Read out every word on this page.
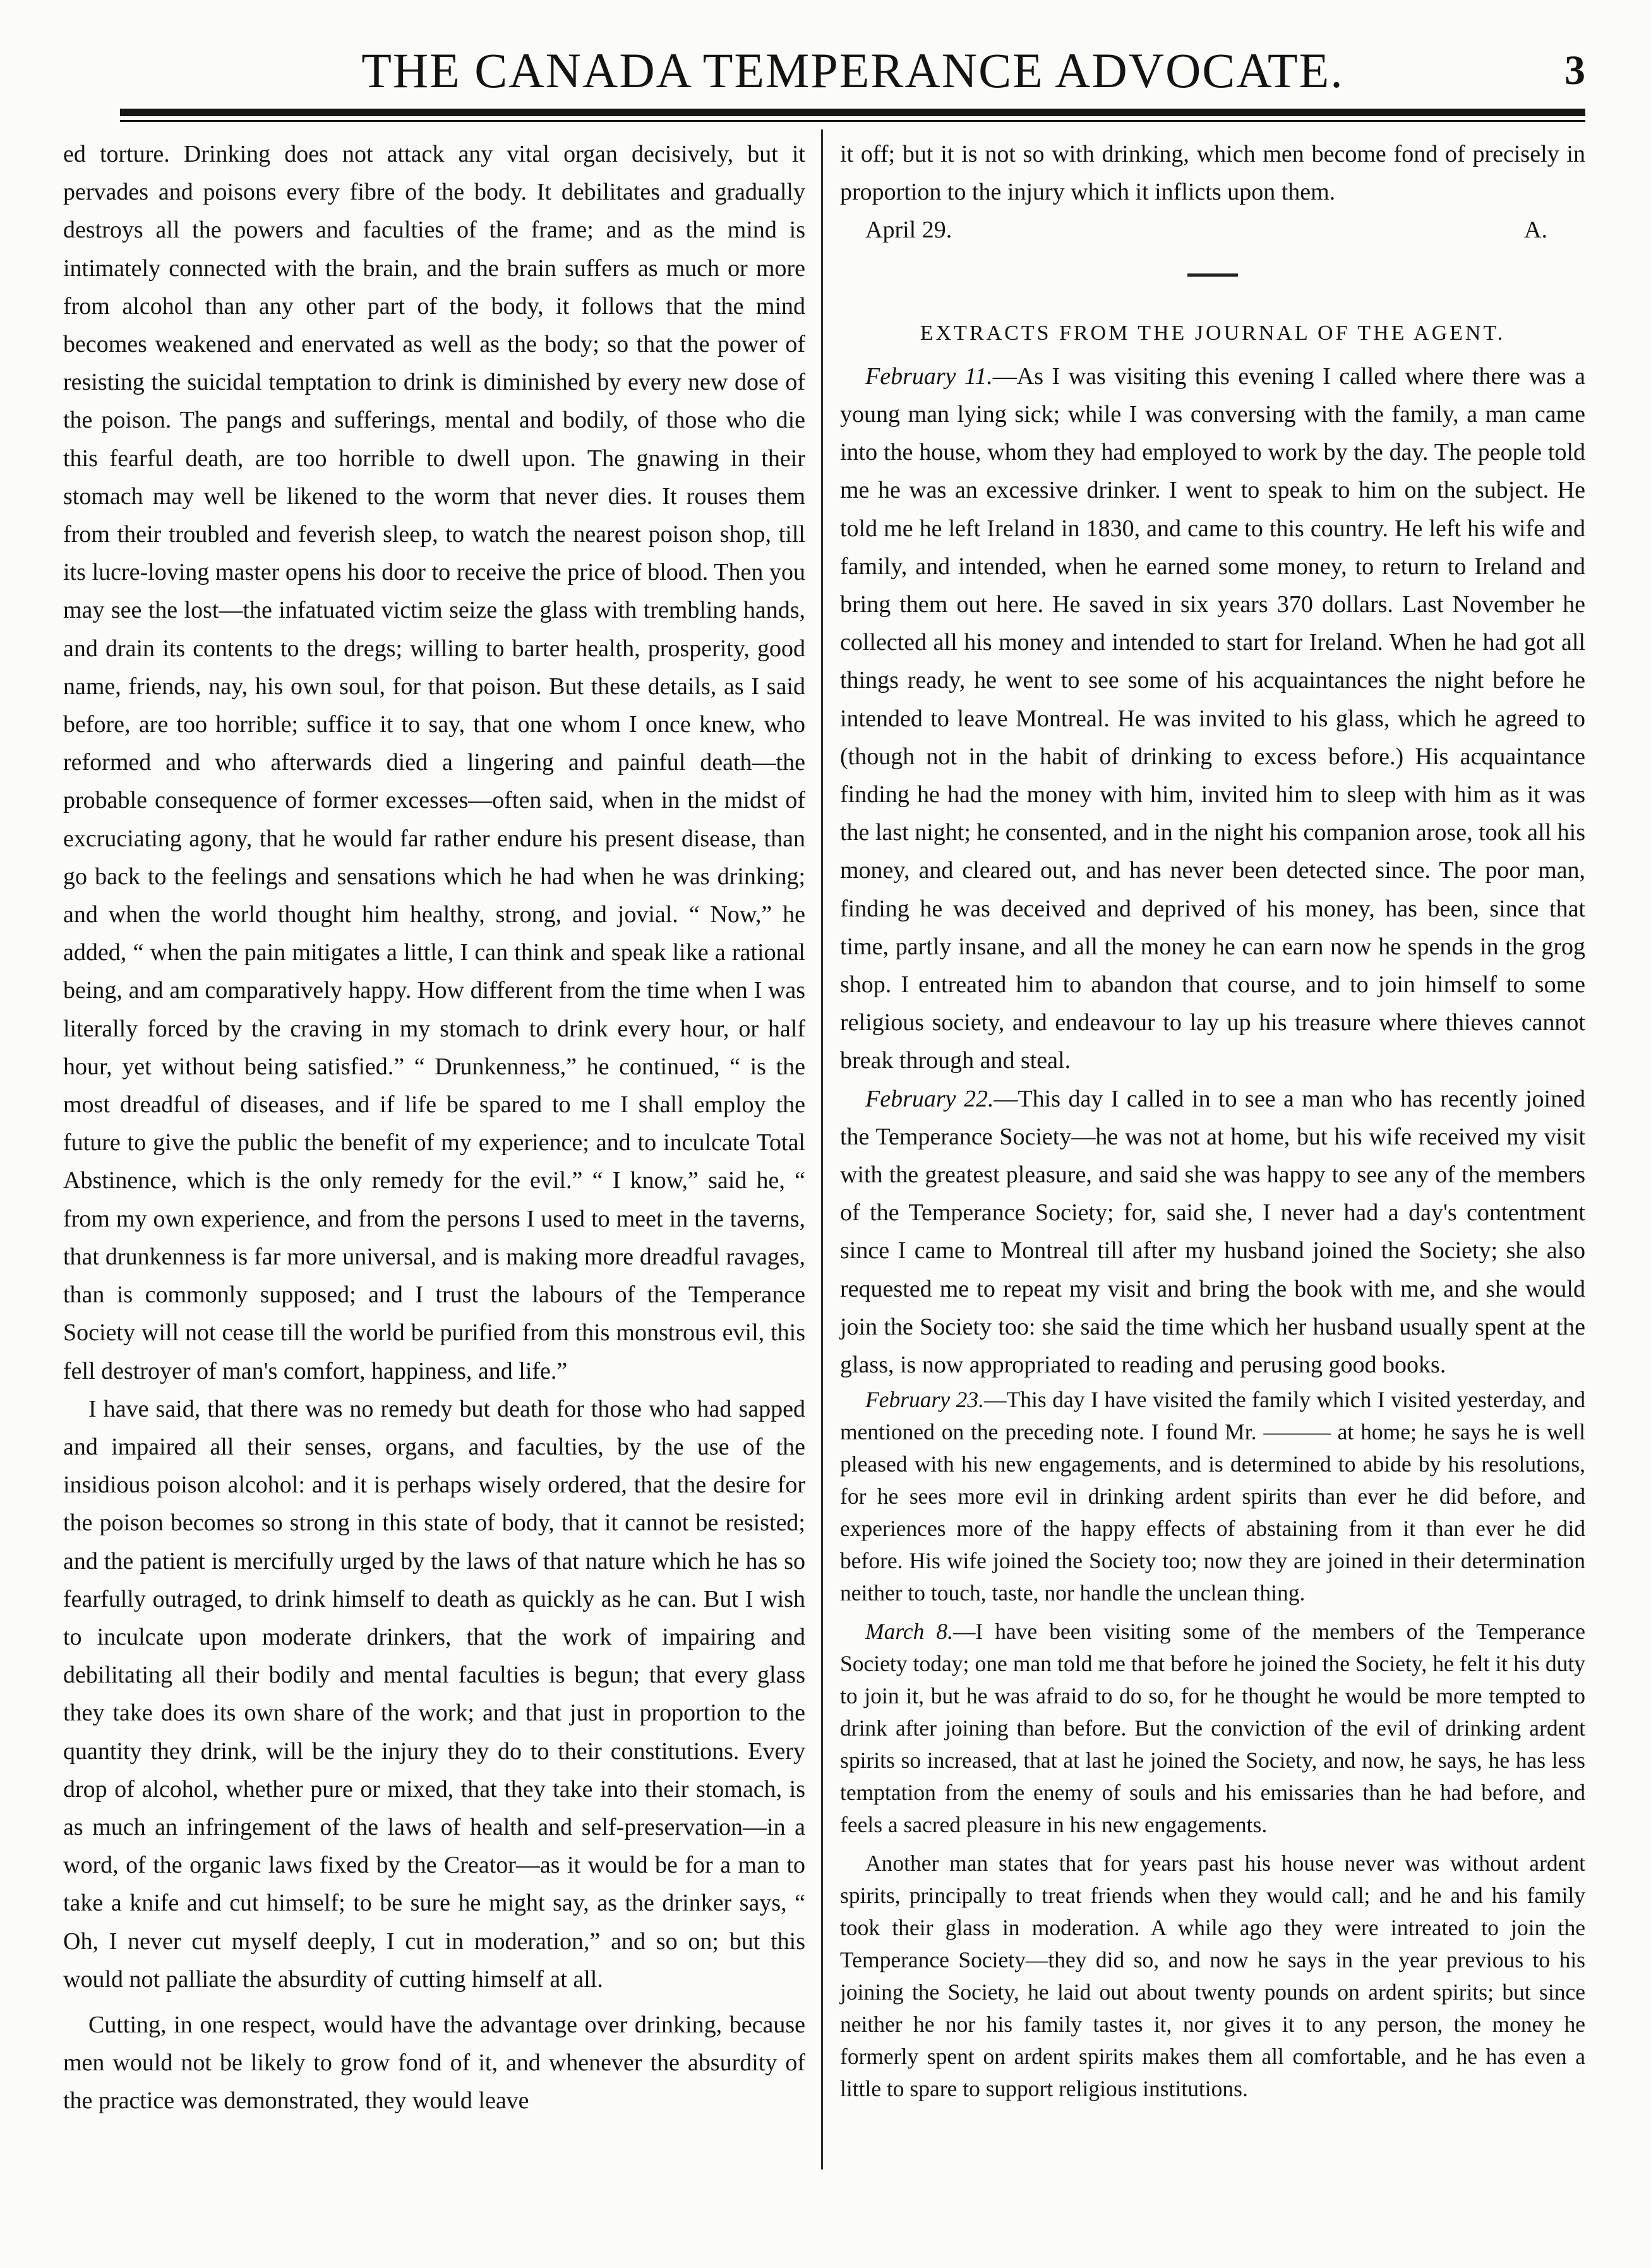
THE CANADA TEMPERANCE ADVOCATE.	3

ed torture. Drinking does not attack any vital organ decisively, but it pervades and poisons every fibre of the body. It debilitates and gradually destroys all the powers and faculties of the frame; and as the mind is intimately connected with the brain, and the brain suffers as much or more from alcohol than any other part of the body, it follows that the mind becomes weakened and enervated as well as the body; so that the power of resisting the suicidal temptation to drink is diminished by every new dose of the poison. The pangs and sufferings, mental and bodily, of those who die this fearful death, are too horrible to dwell upon. The gnawing in their stomach may well be likened to the worm that never dies. It rouses them from their troubled and feverish sleep, to watch the nearest poison shop, till its lucre-loving master opens his door to receive the price of blood. Then you may see the lost—the infatuated victim seize the glass with trembling hands, and drain its contents to the dregs; willing to barter health, prosperity, good name, friends, nay, his own soul, for that poison. But these details, as I said before, are too horrible; suffice it to say, that one whom I once knew, who reformed and who afterwards died a lingering and painful death—the probable consequence of former excesses—often said, when in the midst of excruciating agony, that he would far rather endure his present disease, than go back to the feelings and sensations which he had when he was drinking; and when the world thought him healthy, strong, and jovial. “ Now,” he added, “ when the pain mitigates a little, I can think and speak like a rational being, and am comparatively happy. How different from the time when I was literally forced by the craving in my stomach to drink every hour, or half hour, yet without being satisfied.” “ Drunkenness,” he continued, “ is the most dreadful of diseases, and if life be spared to me I shall employ the future to give the public the benefit of my experience; and to inculcate Total Abstinence, which is the only remedy for the evil.” “ I know,” said he, “ from my own experience, and from the persons I used to meet in the taverns, that drunkenness is far more universal, and is making more dreadful ravages, than is commonly supposed; and I trust the labours of the Temperance Society will not cease till the world be purified from this monstrous evil, this fell destroyer of man's comfort, happiness, and life.”

I have said, that there was no remedy but death for those who had sapped and impaired all their senses, organs, and faculties, by the use of the insidious poison alcohol: and it is perhaps wisely ordered, that the desire for the poison becomes so strong in this state of body, that it cannot be resisted; and the patient is mercifully urged by the laws of that nature which he has so fearfully outraged, to drink himself to death as quickly as he can. But I wish to inculcate upon moderate drinkers, that the work of impairing and debilitating all their bodily and mental faculties is begun; that every glass they take does its own share of the work; and that just in proportion to the quantity they drink, will be the injury they do to their constitutions. Every drop of alcohol, whether pure or mixed, that they take into their stomach, is as much an infringement of the laws of health and self-preservation—in a word, of the organic laws fixed by the Creator—as it would be for a man to take a knife and cut himself; to be sure he might say, as the drinker says, “ Oh, I never cut myself deeply, I cut in moderation,” and so on; but this would not palliate the absurdity of cutting himself at all.

Cutting, in one respect, would have the advantage over drinking, because men would not be likely to grow fond of it, and whenever the absurdity of the practice was demonstrated, they would leave

it off; but it is not so with drinking, which men become fond of precisely in proportion to the injury which it inflicts upon them.

April 29.	A.
EXTRACTS FROM THE JOURNAL OF THE AGENT.

February 11.—As I was visiting this evening I called where there was a young man lying sick; while I was conversing with the family, a man came into the house, whom they had employed to work by the day. The people told me he was an excessive drinker. I went to speak to him on the subject. He told me he left Ireland in 1830, and came to this country. He left his wife and family, and intended, when he earned some money, to return to Ireland and bring them out here. He saved in six years 370 dollars. Last November he collected all his money and intended to start for Ireland. When he had got all things ready, he went to see some of his acquaintances the night before he intended to leave Montreal. He was invited to his glass, which he agreed to (though not in the habit of drinking to excess before.) His acquaintance finding he had the money with him, invited him to sleep with him as it was the last night; he consented, and in the night his companion arose, took all his money, and cleared out, and has never been detected since. The poor man, finding he was deceived and deprived of his money, has been, since that time, partly insane, and all the money he can earn now he spends in the grog shop. I entreated him to abandon that course, and to join himself to some religious society, and endeavour to lay up his treasure where thieves cannot break through and steal.

February 22.—This day I called in to see a man who has recently joined the Temperance Society—he was not at home, but his wife received my visit with the greatest pleasure, and said she was happy to see any of the members of the Temperance Society; for, said she, I never had a day's contentment since I came to Montreal till after my husband joined the Society; she also requested me to repeat my visit and bring the book with me, and she would join the Society too: she said the time which her husband usually spent at the glass, is now appropriated to reading and perusing good books.

February 23.—This day I have visited the family which I visited yesterday, and mentioned on the preceding note. I found Mr. ——— at home; he says he is well pleased with his new engagements, and is determined to abide by his resolutions, for he sees more evil in drinking ardent spirits than ever he did before, and experiences more of the happy effects of abstaining from it than ever he did before. His wife joined the Society too; now they are joined in their determination neither to touch, taste, nor handle the unclean thing.

March 8.—I have been visiting some of the members of the Temperance Society today; one man told me that before he joined the Society, he felt it his duty to join it, but he was afraid to do so, for he thought he would be more tempted to drink after joining than before. But the conviction of the evil of drinking ardent spirits so increased, that at last he joined the Society, and now, he says, he has less temptation from the enemy of souls and his emissaries than he had before, and feels a sacred pleasure in his new engagements.

Another man states that for years past his house never was without ardent spirits, principally to treat friends when they would call; and he and his family took their glass in moderation. A while ago they were intreated to join the Temperance Society—they did so, and now he says in the year previous to his joining the Society, he laid out about twenty pounds on ardent spirits; but since neither he nor his family tastes it, nor gives it to any person, the money he formerly spent on ardent spirits makes them all comfortable, and he has even a little to spare to support religious institutions.
